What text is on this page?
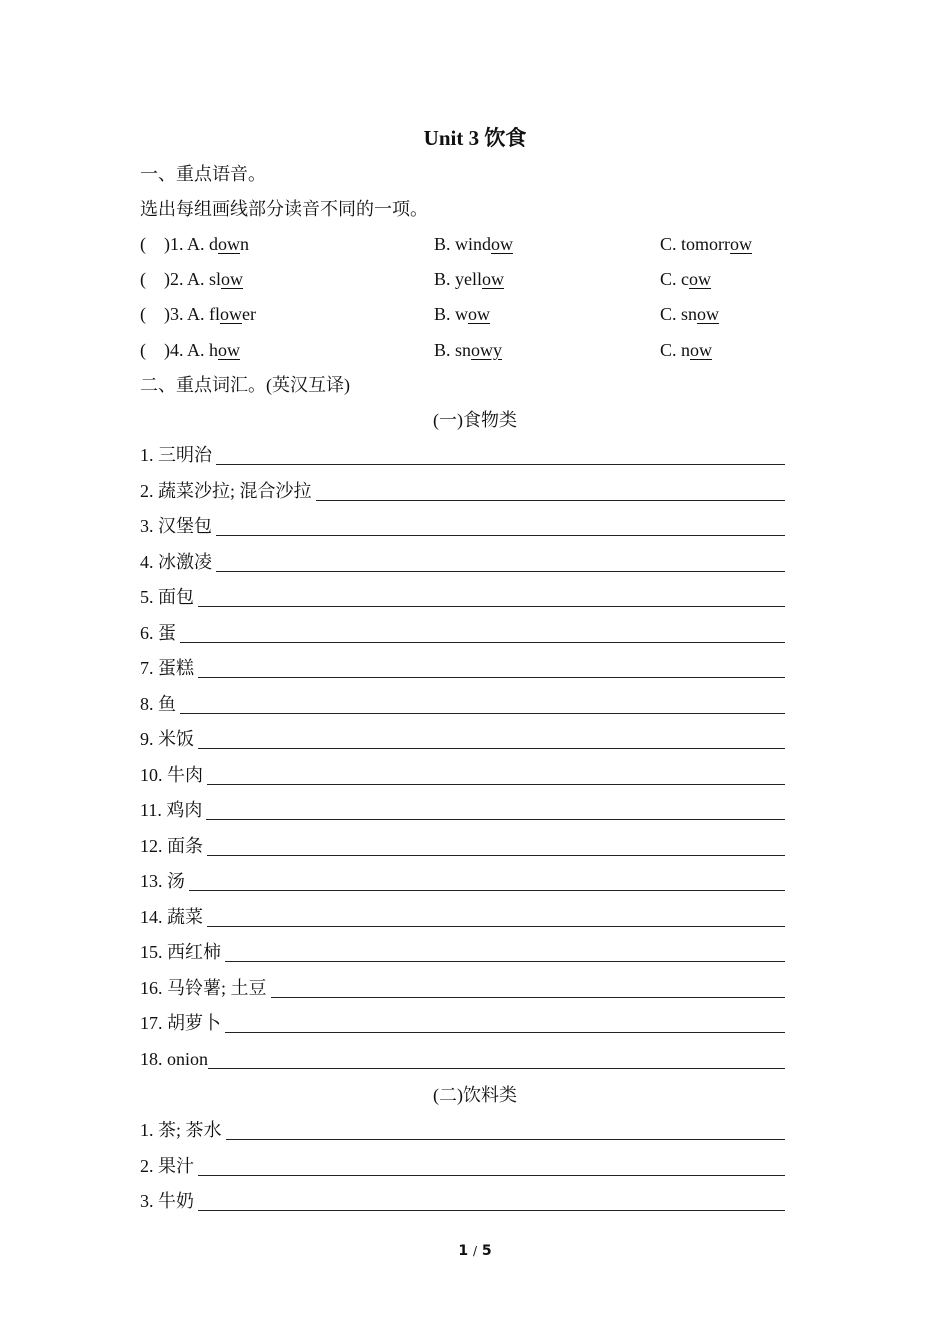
Unit 3 饮食
一、重点语音。
选出每组画线部分读音不同的一项。
(　)1. A. down	B. window	C. tomorrow
(　)2. A. slow	B. yellow	C. cow
(　)3. A. flower	B. wow	C. snow
(　)4. A. how	B. snowy	C. now
二、重点词汇。(英汉互译)
(一)食物类
1. 三明治
2. 蔬菜沙拉; 混合沙拉
3. 汉堡包
4. 冰激凌
5. 面包
6. 蛋
7. 蛋糕
8. 鱼
9. 米饭
10. 牛肉
11. 鸡肉
12. 面条
13. 汤
14. 蔬菜
15. 西红柿
16. 马铃薯; 土豆
17. 胡萝卜
18. onion
(二)饮料类
1. 茶; 茶水
2. 果汁
3. 牛奶
1 / 5
